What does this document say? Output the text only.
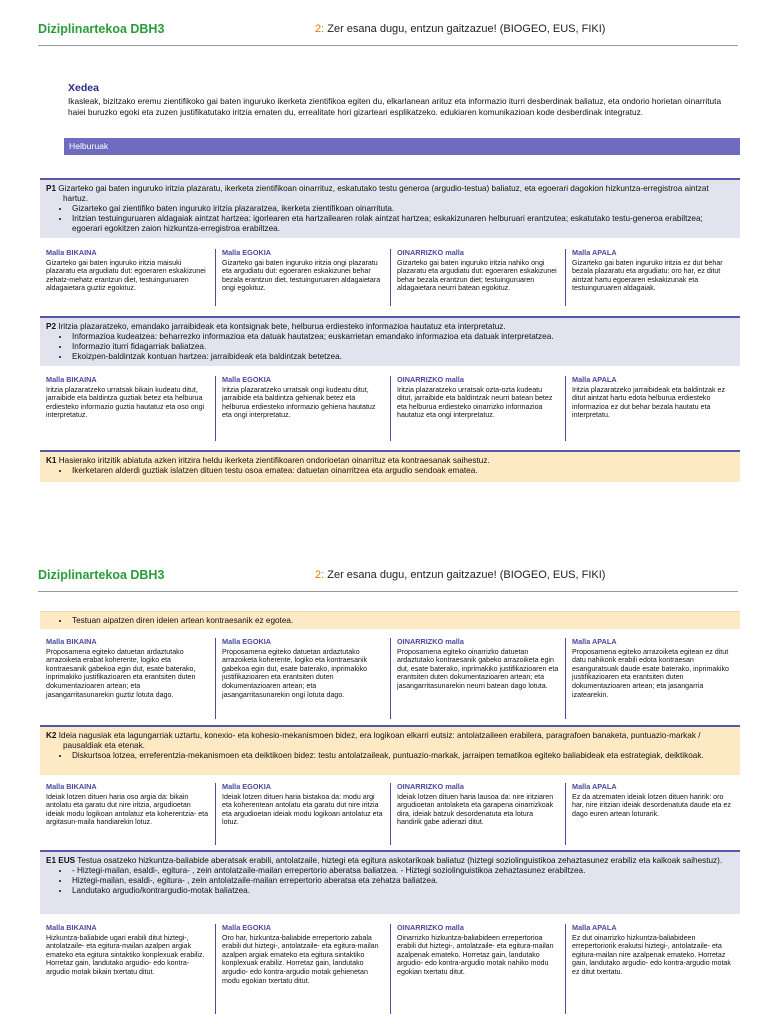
Diziplinartekoa DBH3	2: Zer esana dugu, entzun gaitzazue! (BIOGEO, EUS, FIKI)
Xedea
Ikasleak, bizitzako eremu zientifikoko gai baten inguruko ikerketa zientifikoa egiten du, elkarlanean arituz eta informazio iturri desberdinak baliatuz, eta ondorio horietan oinarrituta haiei buruzko egoki eta zuzen justifikatutako iritzia ematen du, errealitate hori gizarteari esplikatzeko. edukiaren komunikazioan kode desberdinak integratuz.
Helburuak
P1 Gizarteko gai baten inguruko iritzia plazaratu, ikerketa zientifikoan oinarrituz, eskatutako testu generoa (argudio-testua) baliatuz, eta egoerari dagokion hizkuntza-erregistroa aintzat hartuz.
• Gizarteko gai zientifiko baten inguruko iritzia plazaratzea, ikerketa zientifikoan oinarrituta.
• Iritzian testuinguruaren aldagaiak aintzat hartzea: igorlearen eta hartzailearen rolak aintzat hartzea; eskakizunaren helburuari erantzutea; eskatutako testu-generoa erabiltzea; egoerari egokitzen zaion hizkuntza-erregistroa erabiltzea.
Malla BIKAINA
Gizarteko gai baten inguruko iritzia maisuki plazaratu eta argudiatu dut: egoeraren eskakizunei zehatz-mehatz erantzun diet, testuinguruaren aldagaietara guztiz egokituz.
Malla EGOKIA
Gizarteko gai baten inguruko iritzia ongi plazaratu eta argudiatu dut: egoeraren eskakizunei behar bezala erantzun diet, testuinguruaren aldagaietara ongi egokituz.
OINARRIZKO malla
Gizarteko gai baten inguruko iritzia nahiko ongi plazaratu eta argudiatu dut: egoeraren eskakizunei behar bezala erantzun diet; testuinguruaren aldagaietara neurri batean egokituz.
Malla APALA
Gizarteko gai baten inguruko iritzia ez dut behar bezala plazaratu eta argudiatu: oro har, ez ditut aintzat hartu egoeraren eskakizunak eta testuinguruaren aldagaiak.
P2 Iritzia plazaratzeko, emandako jarraibideak eta kontsignak bete, helburua erdiesteko informazioa hautatuz eta interpretatuz.
• Informazioa kudeatzea: beharrezko informazioa eta datuak hautatzea; euskarrietan emandako informazioa eta datuak interpretatzea.
• Informazio iturri fidagarriak baliatzea.
• Ekoizpen-baldintzak kontuan hartzea: jarraibideak eta baldintzak betetzea.
Malla BIKAINA
Iritzia plazaratzeko urratsak bikain kudeatu ditut, jarraibide eta baldintza guztiak betez eta helburua erdiesteko informazio guztia hautatuz eta oso ongi interpretatuz.
Malla EGOKIA
Iritzia plazaratzeko urratsak ongi kudeatu ditut, jarraibide eta baldintza gehienak betez eta helburua erdiesteko informazio gehiena hautatuz eta ongi interpretatuz.
OINARRIZKO malla
Iritzia plazaratzeko urratsak ozta-ozta kudeatu ditut, jarraibide eta baldintzak neurri batean betez eta helburua erdiesteko oinarrizko informazioa hautatuz eta ongi interpretatuz.
Malla APALA
Iritzia plazaratzeko jarraibideak eta baldintzak ez ditut aintzat hartu edota helburua erdiesteko informazioa ez dut behar bezala hautatu eta interpretatu.
K1 Hasierako iritzitik abiatuta azken iritzira heldu ikerketa zientifikoaren ondorioetan oinarrituz eta kontraesanak saihestuz.
• Ikerketaren alderdi guztiak islatzen dituen testu osoa ematea: datuetan oinarritzea eta argudio sendoak ematea.
Diziplinartekoa DBH3	2: Zer esana dugu, entzun gaitzazue! (BIOGEO, EUS, FIKI)
• Testuan aipatzen diren ideien artean kontraesanik ez egotea.
Malla BIKAINA
Proposamena egiteko datuetan ardaztutako arrazoiketa erabat koherente, logiko eta kontraesanik gabekoa egin dut, esate baterako, inprimakiko justifikazioaren eta erantsiten duten dokumentazioaren artean; eta jasangarritasunarekin guztiz lotuta dago.
Malla EGOKIA
Proposamena egiteko datuetan ardaztutako arrazoiketa koherente, logiko eta kontraesanik gabekoa egin dut, esate baterako, inprimakiko justifikazioaren eta erantsiten duten dokumentazioaren artean; eta jasangarritasunarekin ongi lotuta dago.
OINARRIZKO malla
Proposamena egiteko oinarrizko datuetan ardaztutako kontraesanik gabeko arrazoiketa egin dut, esate baterako, inprimakiko justifikazioaren eta erantsiten duten dokumentazioaren artean; eta jasangarritasunarekin neurri batean dago lotuta.
Malla APALA
Proposamena egiteko arrazoiketa egitean ez ditut datu nahikorik erabili edota kontraesan esanguratsuak daude esate baterako, inprimakiko justifikazioaren eta erantsiten duten dokumentazioaren artean; eta jasangarria izatearekin.
K2 Ideia nagusiak eta lagungarriak uztartu, konexio- eta kohesio-mekanismoen bidez, era logikoan elkarri eutsiz: antolatzaileen erabilera, paragrafoen banaketa, puntuazio-markak / pausaldiak eta etenak.
• Diskurtsoa lotzea, erreferentzia-mekanismoen eta deiktikoen bidez: testu antolatzaileak, puntuazio-markak, jarraipen tematikoa egiteko baliabideak eta estrategiak, deiktikoak.
Malla BIKAINA
Ideiak lotzen dituen haria oso argia da: bikain antolatu eta garatu dut nire iritzia, argudioetan ideiak modu logikoan antolatuz eta koherentzia- eta argitasun-maila handiarekin lotuz.
Malla EGOKIA
Ideiak lotzen dituen haria bistakoa da: modu argi eta koherentean antolatu eta garatu dut nire iritzia eta argudioetan ideiak modu logikoan antolatuz eta lotuz.
OINARRIZKO malla
Ideiak lotzen dituen haria lausoa da: nire iritziaren argudioetan antolaketa eta garapena oinarrizkoak dira, ideiak batzuk desordenatuta eta lotura handirik gabe adierazi ditut.
Malla APALA
Ez da atzematen ideiak lotzen dituen haririk: oro har, nire iritzian ideiak desordenatuta daude eta ez dago euren artean loturarik.
E1 EUS Testua osatzeko hizkuntza-baliabide aberatsak erabili, antolatzaile, hiztegi eta egitura askotarikoak baliatuz (hiztegi soziolinguistikoa zehaztasunez erabiliz eta kalkoak saihestuz).
• - Hiztegi-mailan, esaldi-, egitura- , zein antolatzaile-mailan errepertorio aberatsa baliatzea. - Hiztegi soziolinguistikoa zehaztasunez erabiltzea.
• Hiztegi-mailan, esaldi-, egitura- , zein antolatzaile-mailan errepertorio aberatsa eta zehatza baliatzea.
• Landutako argudio/kontrargudio-motak baliatzea.
Malla BIKAINA
Hizkuntza-baliabide ugari erabili ditut hiztegi-, antolatzaile- eta egitura-mailan azalpen argiak emateko eta egitura sintaktiko konplexuak erabiliz. Horretaz gain, landutako argudio- edo kontra-argudio motak bikain txertatu ditut.
Malla EGOKIA
Oro har, hizkuntza-baliabide errepertorio zabala erabili dut hiztegi-, antolatzaile- eta egitura-mailan azalpen argiak emateko eta egitura sintaktiko konplexuak erabiliz. Horretaz gain, landutako argudio- edo kontra-argudio motak gehienetan modu egokian txertatu ditut.
OINARRIZKO malla
Oinarrizko hizkuntza-baliabideen errepertorioa erabili dut hiztegi-, antolatzaile- eta egitura-mailan azalpenak emateko. Horretaz gain, landutako argudio- edo kontra-argudio motak nahiko modu egokian txertatu ditut.
Malla APALA
Ez dut oinarrizko hizkuntza-baliabideen errepertoriorik erakutsi hiztegi-, antolatzaile- eta egitura-mailan nire azalpenak emateko. Horretaz gain, landutako argudio- edo kontra-argudio motak ez ditut txertatu.
